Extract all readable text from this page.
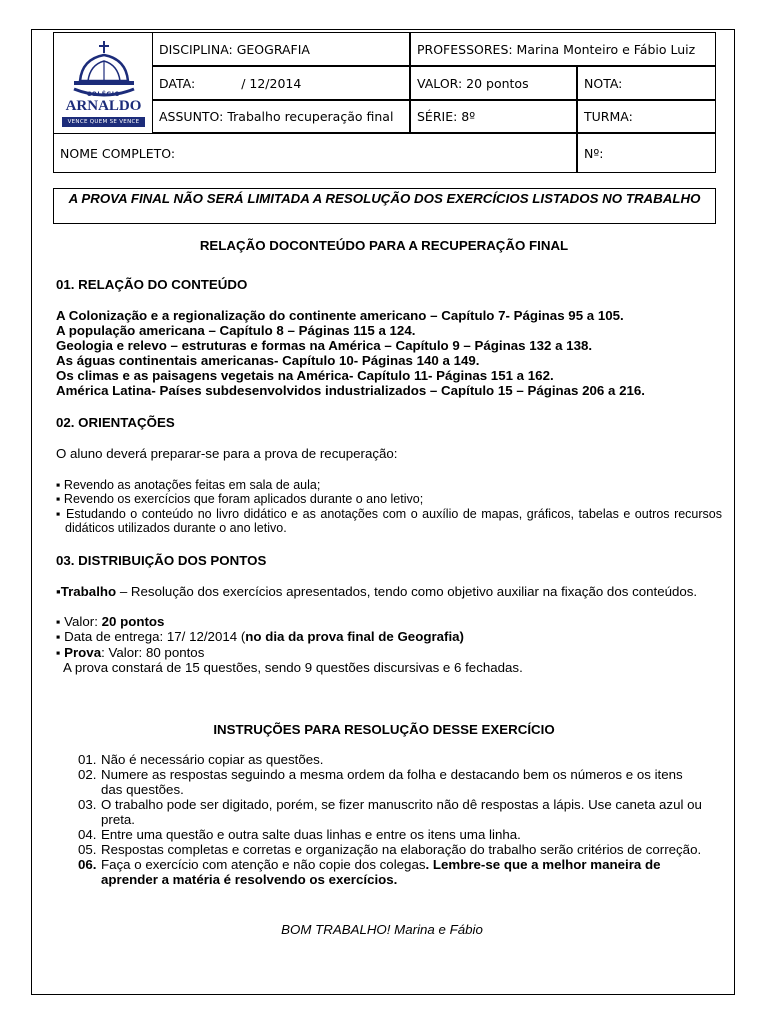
COLÉGIO
ARNALDO
VENCE QUEM SE VENCE
DISCIPLINA: GEOGRAFIA	PROFESSORES: Marina Monteiro e Fábio Luiz
DATA:	/ 12/2014	VALOR: 20 pontos	NOTA:
ASSUNTO: Trabalho recuperação final	SÉRIE: 8º	TURMA:
NOME COMPLETO:	Nº:
A PROVA FINAL NÃO SERÁ LIMITADA A RESOLUÇÃO DOS EXERCÍCIOS LISTADOS NO TRABALHO
RELAÇÃO DOCONTEÚDO PARA A RECUPERAÇÃO FINAL
01. RELAÇÃO DO CONTEÚDO
A Colonização e a regionalização do continente americano – Capítulo 7- Páginas 95 a 105.
A população americana – Capítulo 8 – Páginas 115 a 124.
Geologia e relevo – estruturas e formas na América – Capítulo 9 – Páginas 132 a 138.
As águas continentais americanas- Capítulo 10- Páginas 140 a 149.
Os climas e as paisagens vegetais na América- Capítulo 11- Páginas 151 a 162.
América Latina- Países subdesenvolvidos industrializados – Capítulo 15 – Páginas 206 a 216.
02. ORIENTAÇÕES
O aluno deverá preparar-se para a prova de recuperação:
▪ Revendo as anotações feitas em sala de aula;
▪ Revendo os exercícios que foram aplicados durante o ano letivo;
▪ Estudando o conteúdo no livro didático e as anotações com o auxílio de mapas, gráficos, tabelas e outros recursos didáticos utilizados durante o ano letivo.
03. DISTRIBUIÇÃO DOS PONTOS
▪Trabalho – Resolução dos exercícios apresentados, tendo como objetivo auxiliar na fixação dos conteúdos.
▪ Valor: 20 pontos
▪ Data de entrega: 17/ 12/2014 (no dia da prova final de Geografia)
▪ Prova: Valor: 80 pontos
A prova constará de 15 questões, sendo 9 questões discursivas e 6 fechadas.
INSTRUÇÕES PARA RESOLUÇÃO DESSE EXERCÍCIO
01. Não é necessário copiar as questões.
02. Numere as respostas seguindo a mesma ordem da folha e destacando bem os números e os itens das questões.
03. O trabalho pode ser digitado, porém, se fizer manuscrito não dê respostas a lápis. Use caneta azul ou preta.
04. Entre uma questão e outra salte duas linhas e entre os itens uma linha.
05. Respostas completas e corretas e organização na elaboração do trabalho serão critérios de correção.
06. Faça o exercício com atenção e não copie dos colegas. Lembre-se que a melhor maneira de aprender a matéria é resolvendo os exercícios.
BOM TRABALHO! Marina e Fábio
